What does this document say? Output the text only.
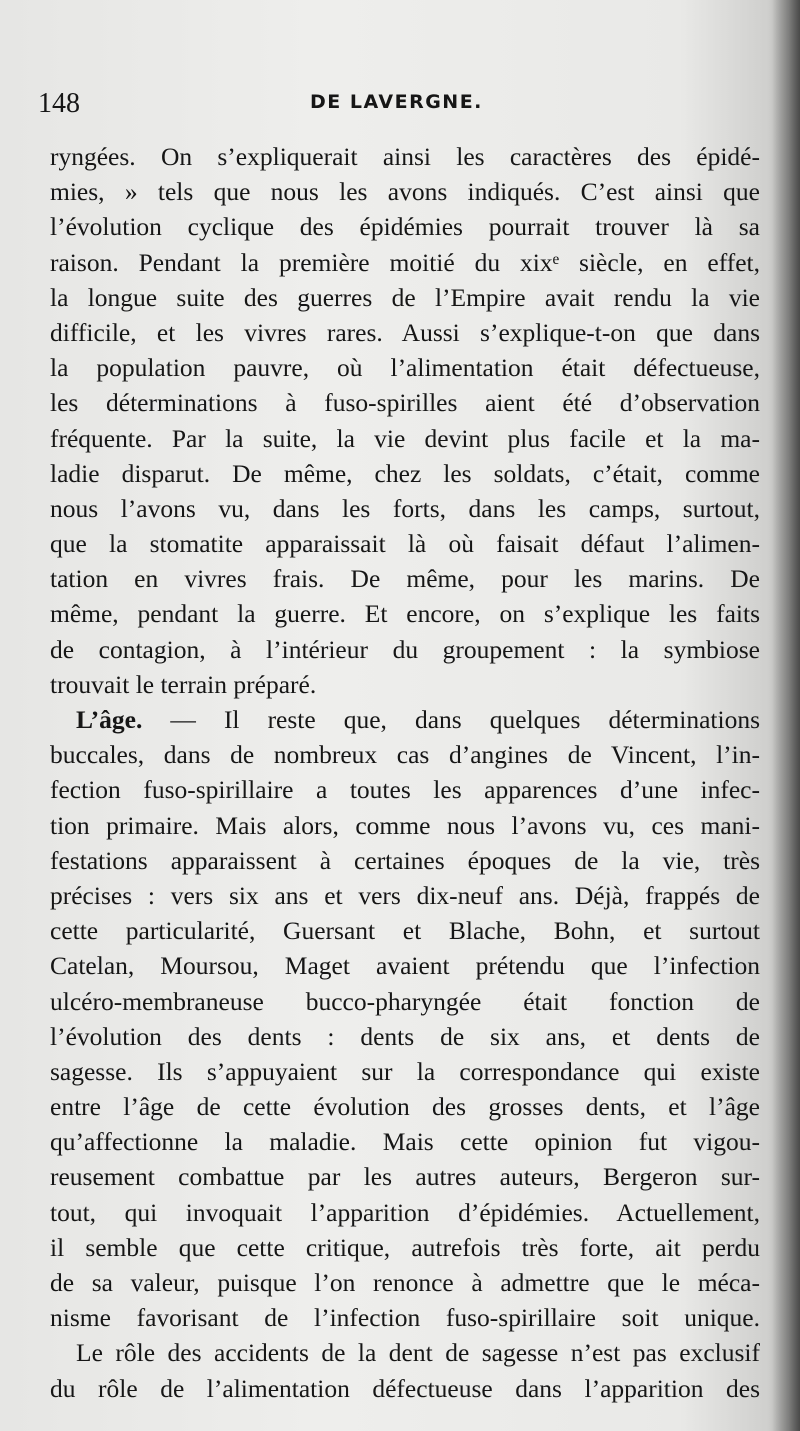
148	DE LAVERGNE.
ryngées. On s’expliquerait ainsi les caractères des épidé-
mies, » tels que nous les avons indiqués. C’est ainsi que
l’évolution cyclique des épidémies pourrait trouver là sa
raison. Pendant la première moitié du xixᵉ siècle, en effet,
la longue suite des guerres de l’Empire avait rendu la vie
difficile, et les vivres rares. Aussi s’explique-t-on que dans
la population pauvre, où l’alimentation était défectueuse,
les déterminations à fuso-spirilles aient été d’observation
fréquente. Par la suite, la vie devint plus facile et la ma-
ladie disparut. De même, chez les soldats, c’était, comme
nous l’avons vu, dans les forts, dans les camps, surtout,
que la stomatite apparaissait là où faisait défaut l’alimen-
tation en vivres frais. De même, pour les marins. De
même, pendant la guerre. Et encore, on s’explique les faits
de contagion, à l’intérieur du groupement : la symbiose
trouvait le terrain préparé.
L’âge. — Il reste que, dans quelques déterminations
buccales, dans de nombreux cas d’angines de Vincent, l’in-
fection fuso-spirillaire a toutes les apparences d’une infec-
tion primaire. Mais alors, comme nous l’avons vu, ces mani-
festations apparaissent à certaines époques de la vie, très
précises : vers six ans et vers dix-neuf ans. Déjà, frappés de
cette particularité, Guersant et Blache, Bohn, et surtout
Catelan, Moursou, Maget avaient prétendu que l’infection
ulcéro-membraneuse bucco-pharyngée était fonction de
l’évolution des dents : dents de six ans, et dents de
sagesse. Ils s’appuyaient sur la correspondance qui existe
entre l’âge de cette évolution des grosses dents, et l’âge
qu’affectionne la maladie. Mais cette opinion fut vigou-
reusement combattue par les autres auteurs, Bergeron sur-
tout, qui invoquait l’apparition d’épidémies. Actuellement,
il semble que cette critique, autrefois très forte, ait perdu
de sa valeur, puisque l’on renonce à admettre que le méca-
nisme favorisant de l’infection fuso-spirillaire soit unique.
Le rôle des accidents de la dent de sagesse n’est pas exclusif
du rôle de l’alimentation défectueuse dans l’apparition des
